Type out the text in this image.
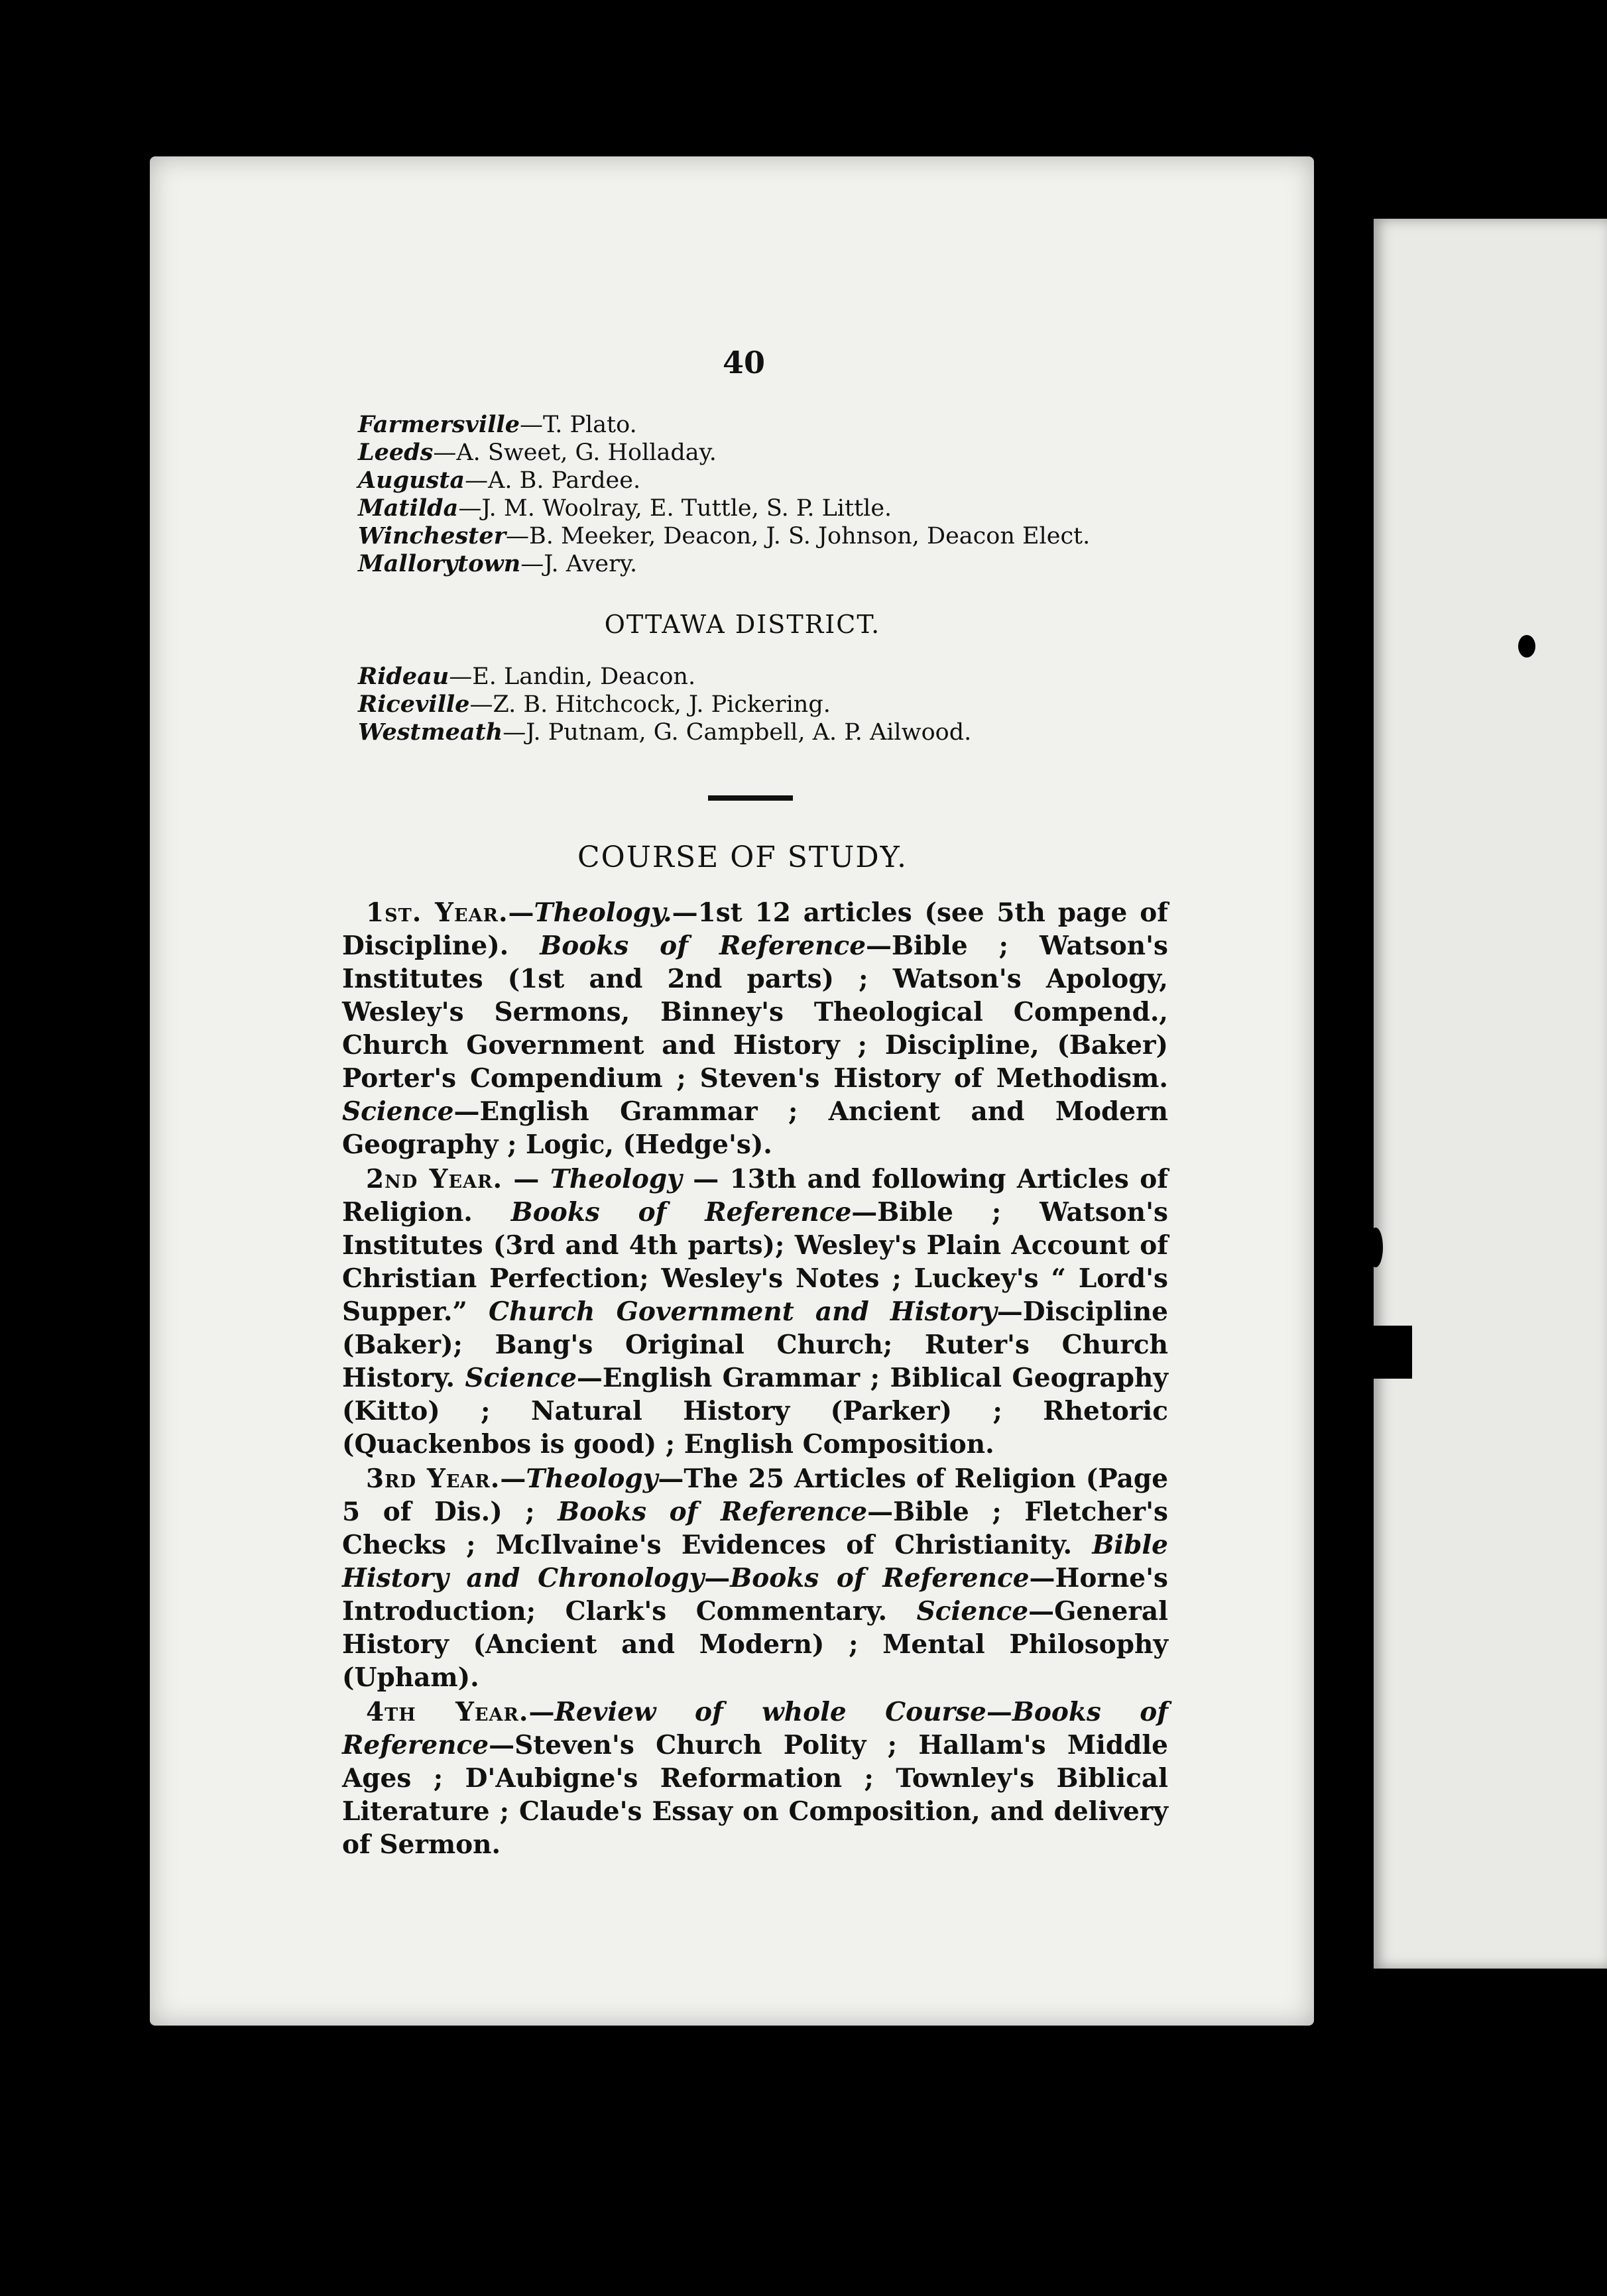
40

Farmersville—T. Plato.

Leeds—A. Sweet, G. Holladay.

Augusta—A. B. Pardee.

Matilda—J. M. Woolray, E. Tuttle, S. P. Little.

Winchester—B. Meeker, Deacon, J. S. Johnson, Deacon Elect.

Mallorytown—J. Avery.

OTTAWA DISTRICT.

Rideau—E. Landin, Deacon.

Riceville—Z. B. Hitchcock, J. Pickering.

Westmeath—J. Putnam, G. Campbell, A. P. Ailwood.

COURSE OF STUDY.

1st. Year.—Theology.—1st 12 articles (see 5th page of Discipline). Books of Reference—Bible ; Watson's Institutes (1st and 2nd parts) ; Watson's Apology, Wesley's Sermons, Binney's Theological Compend., Church Government and History ; Discipline, (Baker) Porter's Compendium ; Steven's History of Methodism. Science—English Grammar ; Ancient and Modern Geography ; Logic, (Hedge's).

2nd Year. — Theology — 13th and following Articles of Religion. Books of Reference—Bible ; Watson's Institutes (3rd and 4th parts); Wesley's Plain Account of Christian Perfection; Wesley's Notes ; Luckey's “ Lord's Supper.” Church Government and History—Discipline (Baker); Bang's Original Church; Ruter's Church History. Science—English Grammar ; Biblical Geography (Kitto) ; Natural History (Parker) ; Rhetoric (Quackenbos is good) ; English Composition.

3rd Year.—Theology—The 25 Articles of Religion (Page 5 of Dis.) ; Books of Reference—Bible ; Fletcher's Checks ; McIlvaine's Evidences of Christianity. Bible History and Chronology—Books of Reference—Horne's Introduction; Clark's Commentary. Science—General History (Ancient and Modern) ; Mental Philosophy (Upham).

4th Year.—Review of whole Course—Books of Reference—Steven's Church Polity ; Hallam's Middle Ages ; D'Aubigne's Reformation ; Townley's Biblical Literature ; Claude's Essay on Composition, and delivery of Sermon.
